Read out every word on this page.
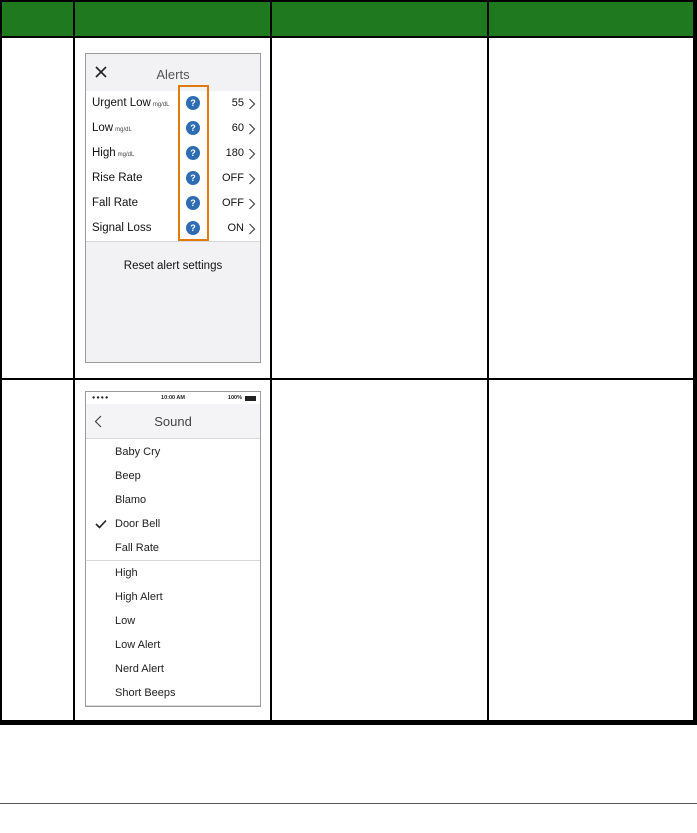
Alerts
Urgent Low mg/dL	?	55
Low mg/dL	?	60
High mg/dL	?	180
Rise Rate	?	OFF
Fall Rate	?	OFF
Signal Loss	?	ON
Reset alert settings
●●●●	10:00 AM	100%
Sound
Baby Cry
Beep
Blamo
Door Bell
Fall Rate
High
High Alert
Low
Low Alert
Nerd Alert
Short Beeps
